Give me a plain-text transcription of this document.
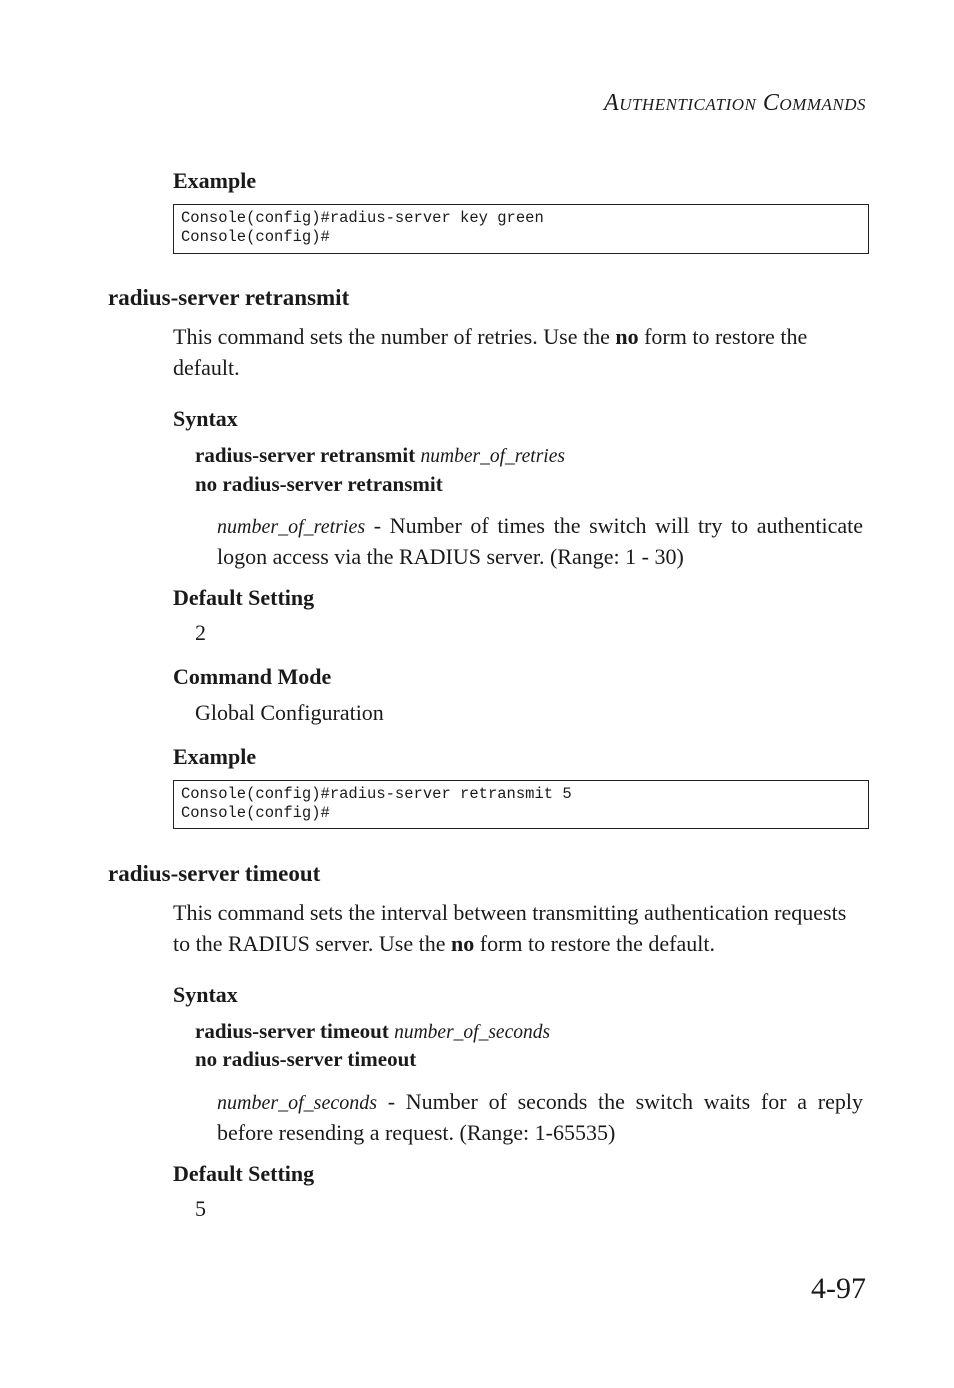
AUTHENTICATION COMMANDS
Example
Console(config)#radius-server key green
Console(config)#
radius-server retransmit
This command sets the number of retries. Use the no form to restore the default.
Syntax
radius-server retransmit number_of_retries
no radius-server retransmit
number_of_retries - Number of times the switch will try to authenticate logon access via the RADIUS server. (Range: 1 - 30)
Default Setting
2
Command Mode
Global Configuration
Example
Console(config)#radius-server retransmit 5
Console(config)#
radius-server timeout
This command sets the interval between transmitting authentication requests to the RADIUS server. Use the no form to restore the default.
Syntax
radius-server timeout number_of_seconds
no radius-server timeout
number_of_seconds - Number of seconds the switch waits for a reply before resending a request. (Range: 1-65535)
Default Setting
5
4-97
